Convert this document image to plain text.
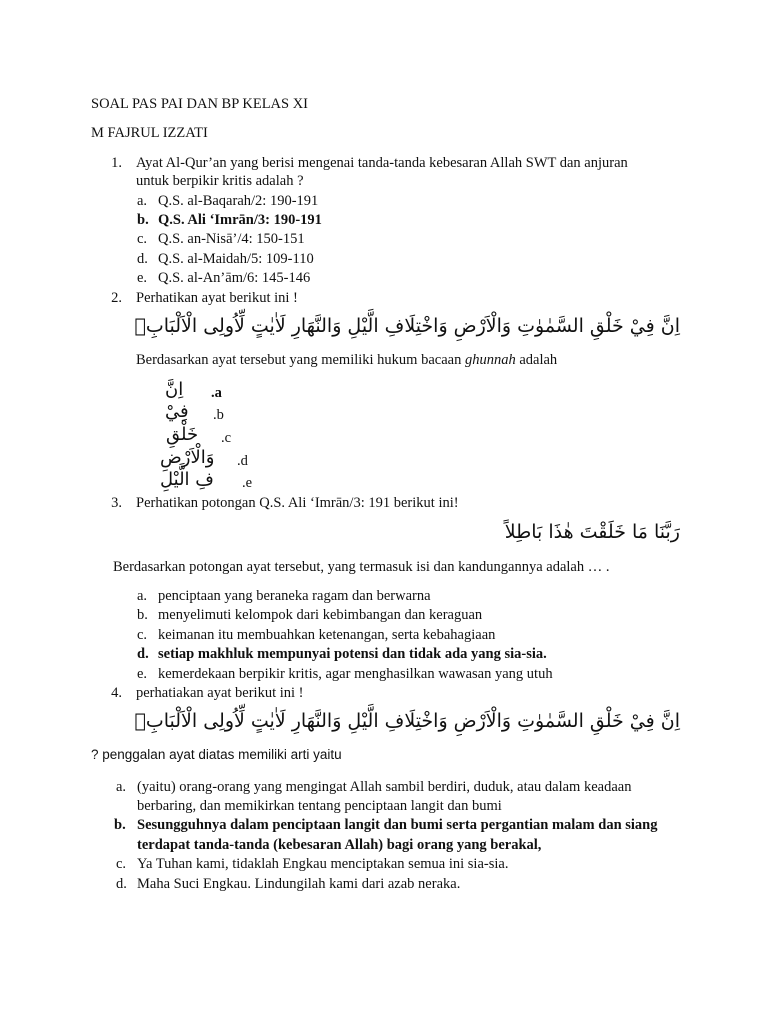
SOAL PAS PAI DAN BP KELAS XI
M FAJRUL IZZATI
1. Ayat Al-Qur’an yang berisi mengenai tanda-tanda kebesaran Allah SWT dan anjuran
untuk berpikir kritis adalah ?
a. Q.S. al-Baqarah/2: 190-191
b. Q.S. Ali ‘Imrān/3: 190-191
c. Q.S. an-Nisā’/4: 150-151
d. Q.S. al-Maidah/5: 109-110
e. Q.S. al-An’ām/6: 145-146
2. Perhatikan ayat berikut ini !
اِنَّ فِيْ خَلْقِ السَّمٰوٰتِ وَالْاَرْضِ وَاخْتِلَافِ الَّيْلِ وَالنَّهَارِ لَاٰيٰتٍ لِّاُولِى الْاَلْبَابِۙ
Berdasarkan ayat tersebut yang memiliki hukum bacaan ghunnah adalah
اِنَّ .a
فِيْ .b
خَلْقِ .c
وَالْاَرْضِ .d
فِ الَّيْلِ .e
3. Perhatikan potongan Q.S. Ali ‘Imrān/3: 191 berikut ini!
رَبَّنَا مَا خَلَقْتَ هٰذَا بَاطِلاً
Berdasarkan potongan ayat tersebut, yang termasuk isi dan kandungannya adalah … .
a. penciptaan yang beraneka ragam dan berwarna
b. menyelimuti kelompok dari kebimbangan dan keraguan
c. keimanan itu membuahkan ketenangan, serta kebahagiaan
d. setiap makhluk mempunyai potensi dan tidak ada yang sia-sia.
e. kemerdekaan berpikir kritis, agar menghasilkan wawasan yang utuh
4. perhatiakan ayat berikut ini !
اِنَّ فِيْ خَلْقِ السَّمٰوٰتِ وَالْاَرْضِ وَاخْتِلَافِ الَّيْلِ وَالنَّهَارِ لَاٰيٰتٍ لِّاُولِى الْاَلْبَابِۙ
? penggalan ayat diatas memiliki arti yaitu
a. (yaitu) orang-orang yang mengingat Allah sambil berdiri, duduk, atau dalam keadaan
berbaring, dan memikirkan tentang penciptaan langit dan bumi
b. Sesungguhnya dalam penciptaan langit dan bumi serta pergantian malam dan siang
terdapat tanda-tanda (kebesaran Allah) bagi orang yang berakal,
c. Ya Tuhan kami, tidaklah Engkau menciptakan semua ini sia-sia.
d. Maha Suci Engkau. Lindungilah kami dari azab neraka.
